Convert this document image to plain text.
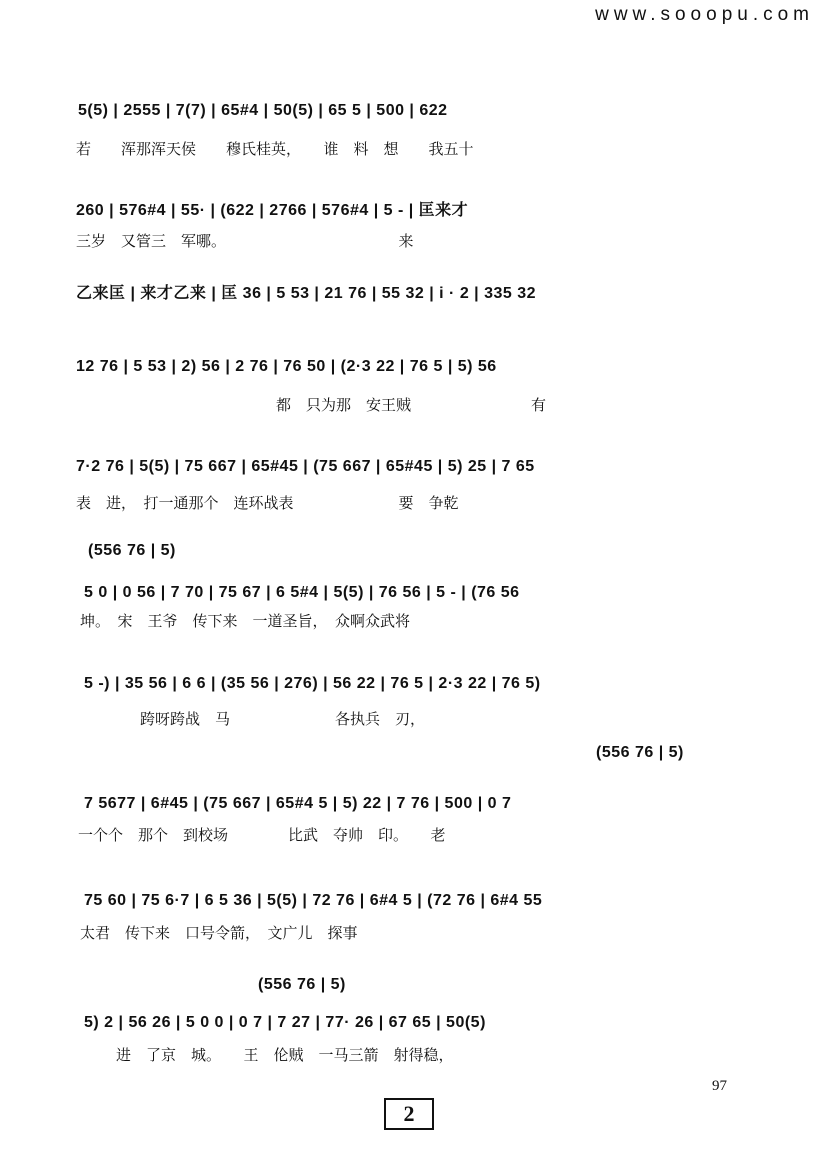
www.sooopu.com
5(5) | 2555 | 7(7) | 65#4 | 50(5) | 65 5 | 500 | 622
若　　浑那浑天侯　　穆氏桂英，　　谁　料　想　　我五十
260 | 576#4 | 55· | (622 | 2766 | 576#4 | 5 - | 匡来才
三岁　又管三　军哪。　　　　　　　　　　　　来
乙来匡 | 来才乙来 | 匡 36 | 5 53 | 21 76 | 55 32 | i · 2 | 335 32
12 76 | 5 53 | 2) 56 | 2 76 | 76 50 | (2·3 22 | 76 5 | 5) 56
都　只为那　安王贼　　　　　　　　有
7·2 76 | 5(5) | 75 667 | 65#45 | (75 667 | 65#45 | 5) 25 | 7 65
表　进，　打一通那个　连环战表　　　　　　　要　争乾
(556 76 | 5)
5 0 | 0 56 | 7 70 | 75 67 | 6 5#4 | 5(5) | 76 56 | 5 - | (76 56
坤。　宋　王爷　传下来　一道圣旨，　众啊众武将
5 -) | 35 56 | 6 6 | (35 56 | 276) | 56 22 | 76 5 | 2·3 22 | 76 5)
跨呀跨战　马　　　　　　　各执兵　刃，
(556 76 | 5)
7 5677 | 6#45 | (75 667 | 65#4 5 | 5) 22 | 7 76 | 500 | 0 7
一个个　那个　到校场　　　　比武　夺帅　印。　　老
75 60 | 75 6·7 | 6 5 36 | 5(5) | 72 76 | 6#4 5 | (72 76 | 6#4 55
太君　传下来　口号令箭，　文广儿　探事
(556 76 | 5)
5) 2 | 56 26 | 5 0 0 | 0 7 | 7 27 | 77· 26 | 67 65 | 50(5)
进　了京　城。　　王　伦贼　一马三箭　射得稳，
97
2
